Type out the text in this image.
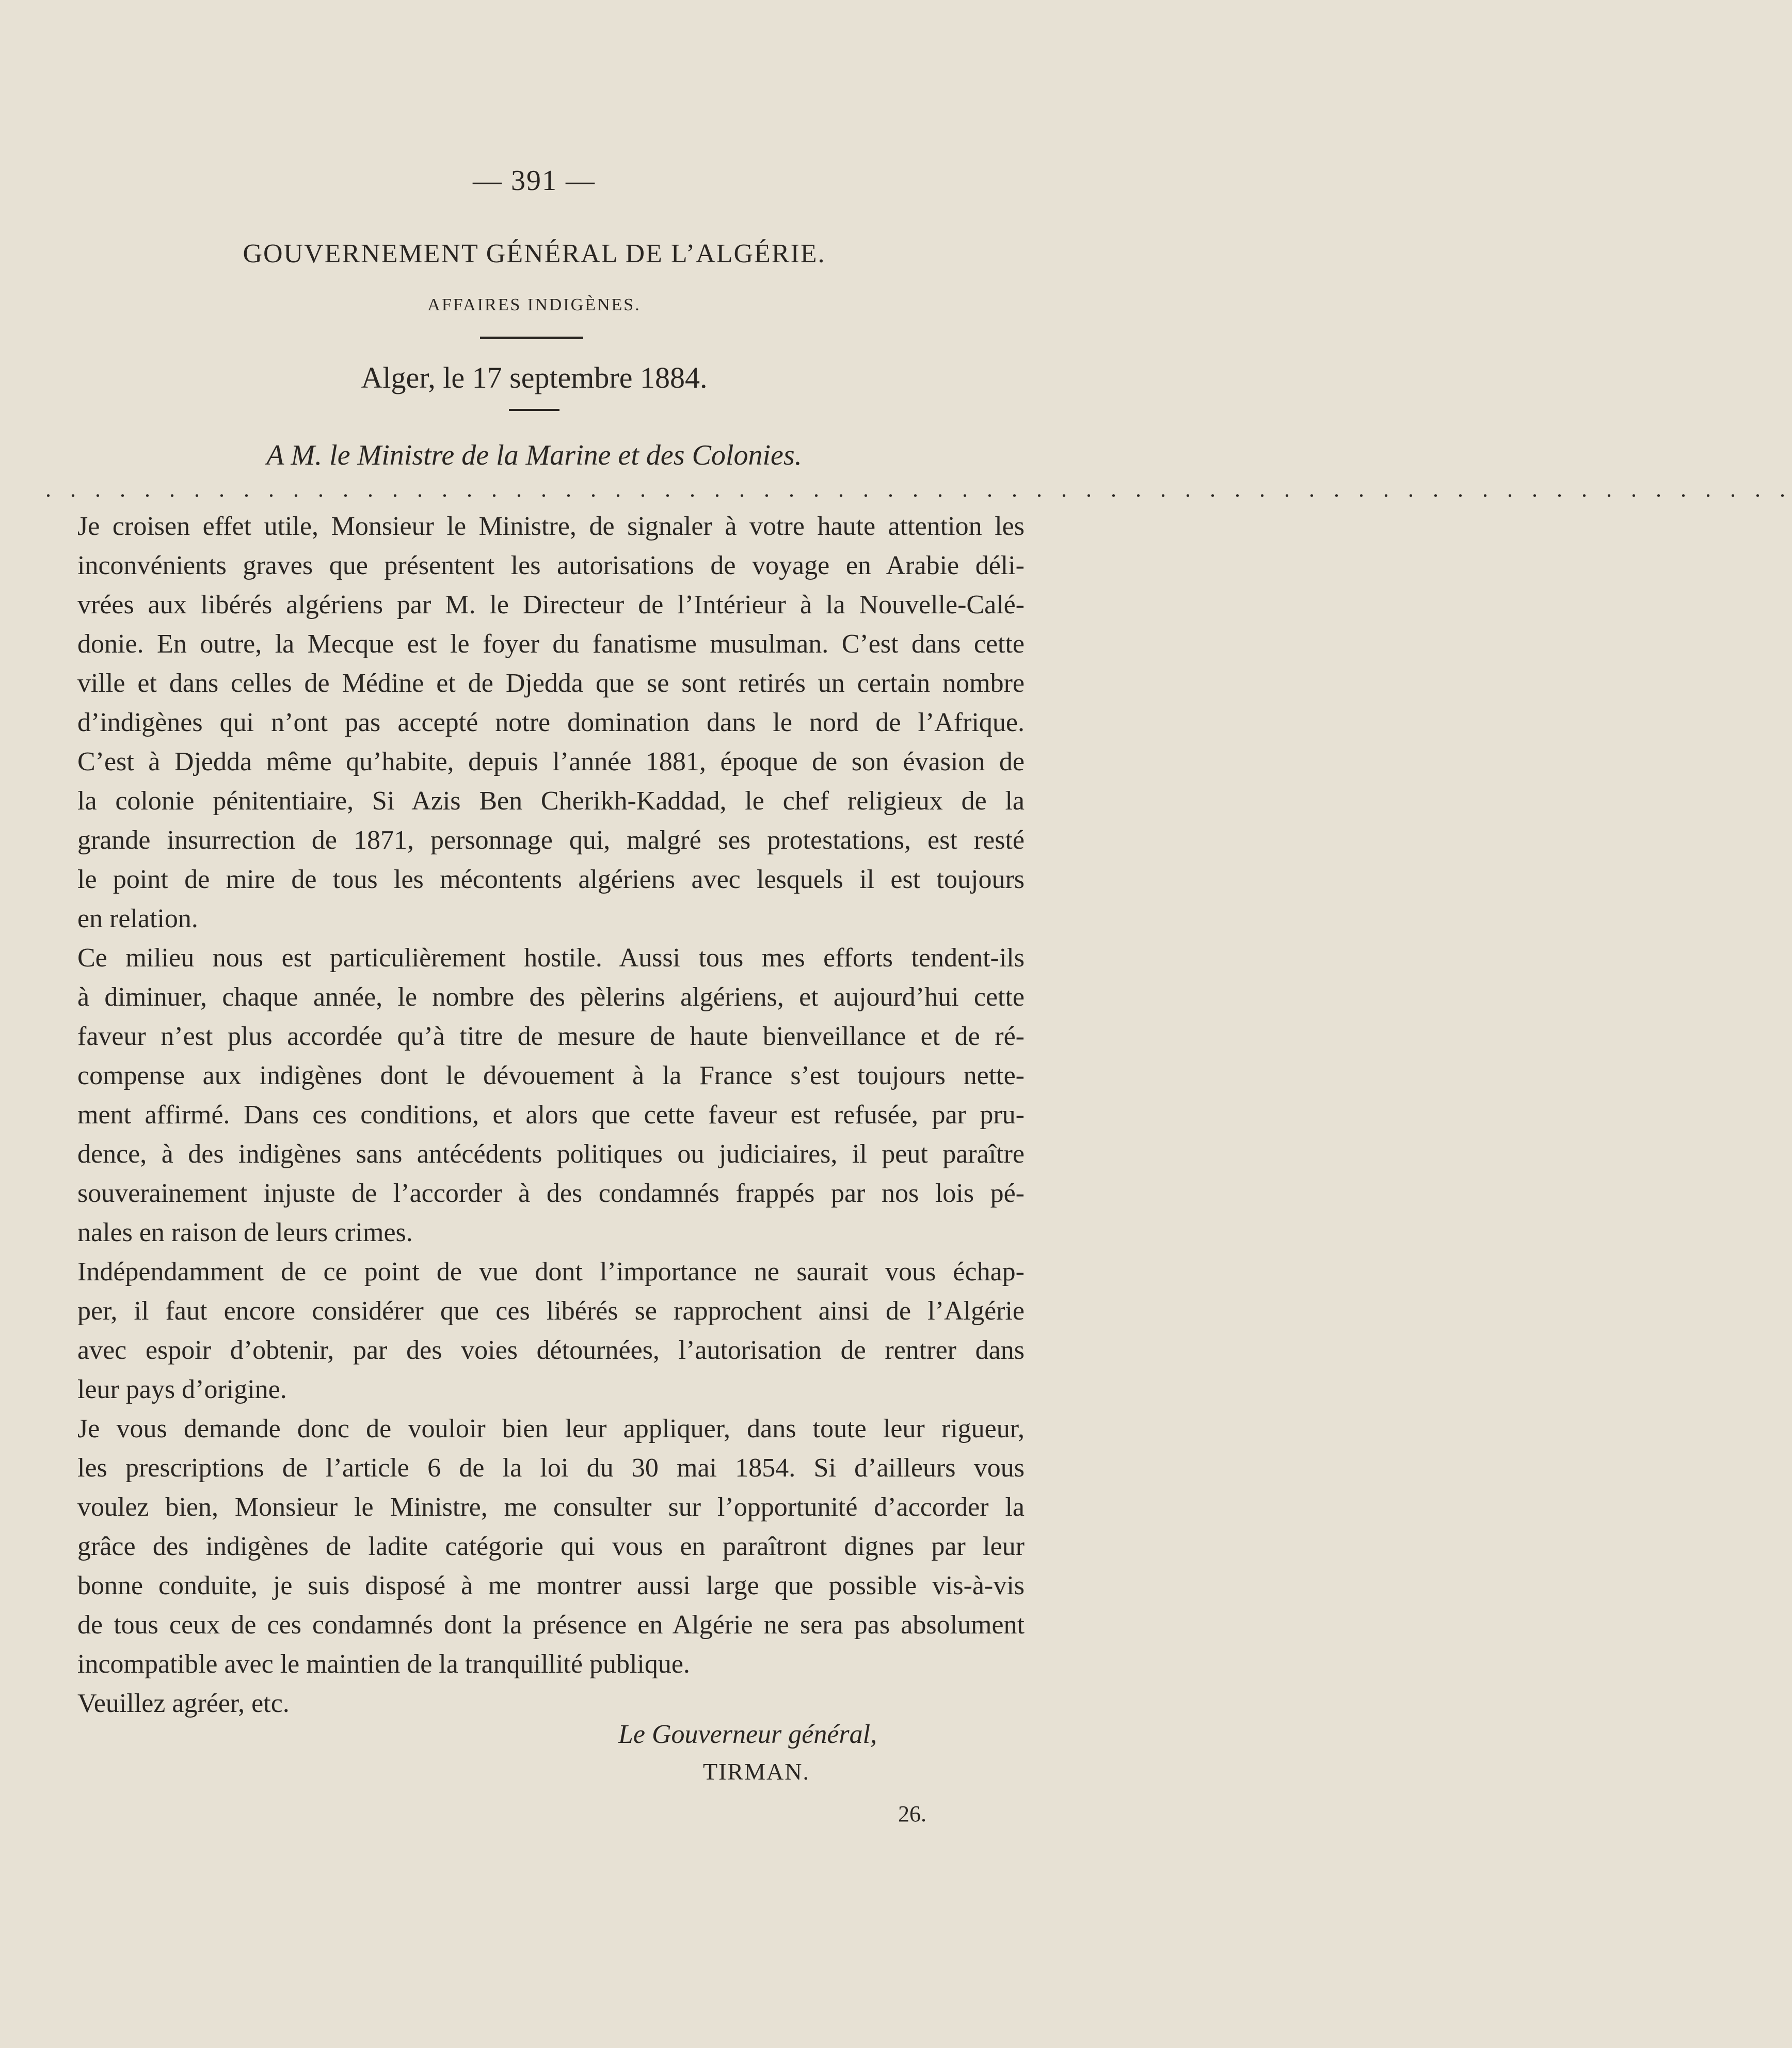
— 391 —
GOUVERNEMENT GÉNÉRAL DE L’ALGÉRIE.
AFFAIRES INDIGÈNES.
Alger, le 17 septembre 1884.
A M. le Ministre de la Marine et des Colonies.
. . . . . . . . . . . . . . . . . . . . . . . . . . . . . . . . . . . . . . . . . . . . . . . . . . . . . . . . . . . . . . . . . . . . . . .

Je croisen effet utile, Monsieur le Ministre, de signaler à votre haute attention les
inconvénients graves que présentent les autorisations de voyage en Arabie déli-
vrées aux libérés algériens par M. le Directeur de l’Intérieur à la Nouvelle-Calé-
donie. En outre, la Mecque est le foyer du fanatisme musulman. C’est dans cette
ville et dans celles de Médine et de Djedda que se sont retirés un certain nombre
d’indigènes qui n’ont pas accepté notre domination dans le nord de l’Afrique.
C’est à Djedda même qu’habite, depuis l’année 1881, époque de son évasion de
la colonie pénitentiaire, Si Azis Ben Cherikh-Kaddad, le chef religieux de la
grande insurrection de 1871, personnage qui, malgré ses protestations, est resté
le point de mire de tous les mécontents algériens avec lesquels il est toujours
en relation.

Ce milieu nous est particulièrement hostile. Aussi tous mes efforts tendent-ils
à diminuer, chaque année, le nombre des pèlerins algériens, et aujourd’hui cette
faveur n’est plus accordée qu’à titre de mesure de haute bienveillance et de ré-
compense aux indigènes dont le dévouement à la France s’est toujours nette-
ment affirmé. Dans ces conditions, et alors que cette faveur est refusée, par pru-
dence, à des indigènes sans antécédents politiques ou judiciaires, il peut paraître
souverainement injuste de l’accorder à des condamnés frappés par nos lois pé-
nales en raison de leurs crimes.

Indépendamment de ce point de vue dont l’importance ne saurait vous échap-
per, il faut encore considérer que ces libérés se rapprochent ainsi de l’Algérie
avec espoir d’obtenir, par des voies détournées, l’autorisation de rentrer dans
leur pays d’origine.

Je vous demande donc de vouloir bien leur appliquer, dans toute leur rigueur,
les prescriptions de l’article 6 de la loi du 30 mai 1854. Si d’ailleurs vous
voulez bien, Monsieur le Ministre, me consulter sur l’opportunité d’accorder la
grâce des indigènes de ladite catégorie qui vous en paraîtront dignes par leur
bonne conduite, je suis disposé à me montrer aussi large que possible vis-à-vis
de tous ceux de ces condamnés dont la présence en Algérie ne sera pas absolument
incompatible avec le maintien de la tranquillité publique.

Veuillez agréer, etc.
Le Gouverneur général,
TIRMAN.
26.
